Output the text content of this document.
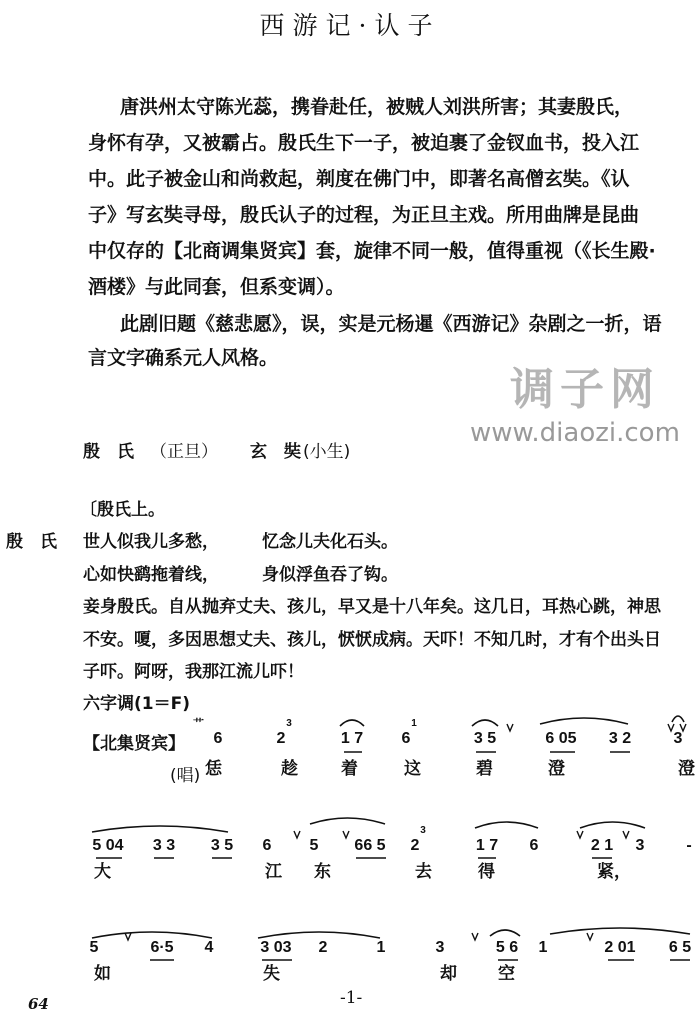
西游记·认子
唐洪州太守陈光蕊，携眷赴任，被贼人刘洪所害；其妻殷氏，
身怀有孕，又被霸占。殷氏生下一子，被迫裹了金钗血书，投入江
中。此子被金山和尚救起，剃度在佛门中，即著名高僧玄奘。《认
子》写玄奘寻母，殷氏认子的过程，为正旦主戏。所用曲牌是昆曲
中仅存的【北商调集贤宾】套，旋律不同一般，值得重视（《长生殿·
酒楼》与此同套，但系变调）。
此剧旧题《慈悲愿》，误，实是元杨暹《西游记》杂剧之一折，语
言文字确系元人风格。
殷　氏 （正旦） 玄　奘 (小生)
〔殷氏上。
殷　氏 世人似我儿多愁，	忆念儿夫化石头。
心如快鹞拖着线，	身似浮鱼吞了钩。
妾身殷氏。自从抛弃丈夫、孩儿，早又是十八年矣。这几日，耳热心跳，神思
不安。嗄，多因思想丈夫、孩儿，恹恹成病。天吓！不知几时，才有个出头日
子吓。阿呀，我那江流儿吓！
六字调(1＝F)
【北集贤宾】
艹
(唱)
6	2	1 7 6	3 5	6 05 3 2	3
3	1
恁	趁	着	这	碧	澄	澄
5 04 3 3 3 5 6 5 66 5 2	1 7 6	2 1 3	-
3
大	江 东	去	得	紧，
5	6·5 4	3 03 2	1	3	5 6 1	2 01 6 5
如	失	却 空
-1-
64
调子网
www.diaozi.com
